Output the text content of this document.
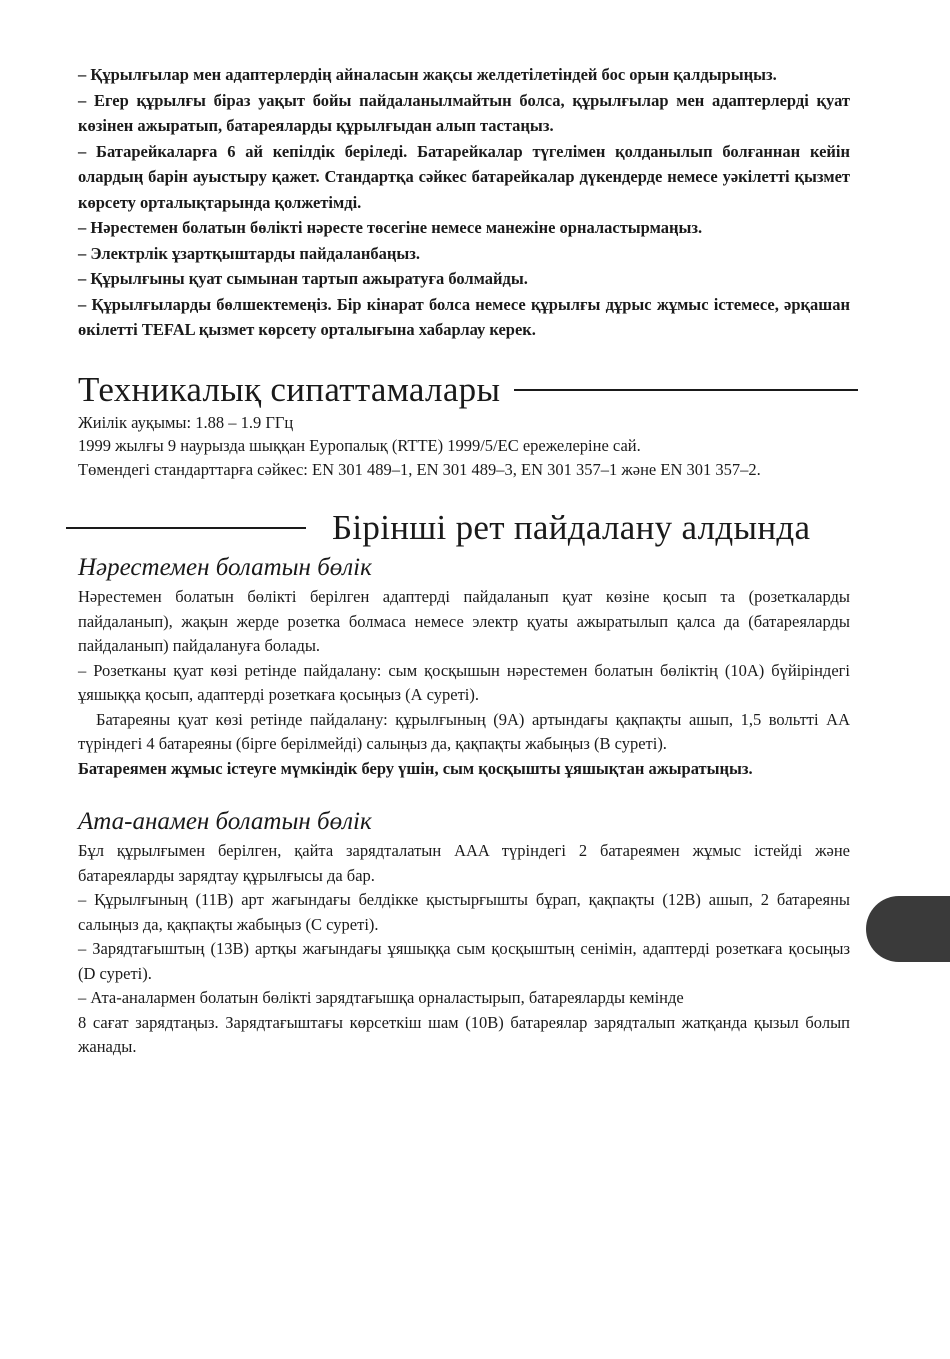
– Құрылғылар мен адаптерлердің айналасын жақсы желдетілетіндей бос орын қалдырыңыз.

– Егер құрылғы біраз уақыт бойы пайдаланылмайтын болса, құрылғылар мен адаптерлерді қуат көзінен ажыратып, батареяларды құрылғыдан алып тастаңыз.

– Батарейкаларға 6 ай кепілдік беріледі. Батарейкалар түгелімен қолданылып болғаннан кейін олардың барін ауыстыру қажет. Стандартқа сәйкес батарейкалар дүкендерде немесе уәкілетті қызмет көрсету орталықтарында қолжетімді.

– Нәрестемен болатын бөлікті нәресте төсегіне немесе манежіне орналастырмаңыз.

– Электрлік ұзартқыштарды пайдаланбаңыз.

– Құрылғыны қуат сымынан тартып ажыратуға болмайды.

– Құрылғыларды бөлшектемеңіз. Бір кінарат болса немесе құрылғы дұрыс жұмыс істемесе, әрқашан өкілетті TEFAL қызмет көрсету орталығына хабарлау керек.

Техникалық сипаттамалары

Жиілік ауқымы: 1.88 – 1.9 ГГц

1999 жылғы 9 наурызда шыққан Еуропалық (RTTE) 1999/5/EC ережелеріне сай.

Төмендегі стандарттарға сәйкес: EN 301 489–1, EN 301 489–3, EN 301 357–1 және EN 301 357–2.

Бірінші рет пайдалану алдында
Нәрестемен болатын бөлік

Нәрестемен болатын бөлікті берілген адаптерді пайдаланып қуат көзіне қосып та (розеткаларды пайдаланып), жақын жерде розетка болмаса немесе электр қуаты ажыратылып қалса да (батареяларды пайдаланып) пайдалануға болады.

– Розетканы қуат көзі ретінде пайдалану: сым қосқышын нәрестемен болатын бөліктің (10А) бүйіріндегі ұяшыққа қосып, адаптерді розеткаға қосыңыз (А суреті).

Батареяны қуат көзі ретінде пайдалану: құрылғының (9А) артындағы қақпақты ашып, 1,5 вольтті AA түріндегі 4 батареяны (бірге берілмейді) салыңыз да, қақпақты жабыңыз (В суреті).

Батареямен жұмыс істеуге мүмкіндік беру үшін, сым қосқышты ұяшықтан ажыратыңыз.

Ата-анамен болатын бөлік

Бұл құрылғымен берілген, қайта зарядталатын AAA түріндегі 2 батареямен жұмыс істейді және батареяларды зарядтау құрылғысы да бар.

– Құрылғының (11B) арт жағындағы белдікке қыстырғышты бұрап, қақпақты (12B) ашып, 2 батареяны салыңыз да, қақпақты жабыңыз (С суреті).

– Зарядтағыштың (13B) артқы жағындағы ұяшыққа сым қосқыштың сенімін, адаптерді розеткаға қосыңыз (D суреті).

– Ата-аналармен болатын бөлікті зарядтағышқа орналастырып, батареяларды кемінде

8 сағат зарядтаңыз. Зарядтағыштағы көрсеткіш шам (10B) батареялар зарядталып жатқанда қызыл болып жанады.
